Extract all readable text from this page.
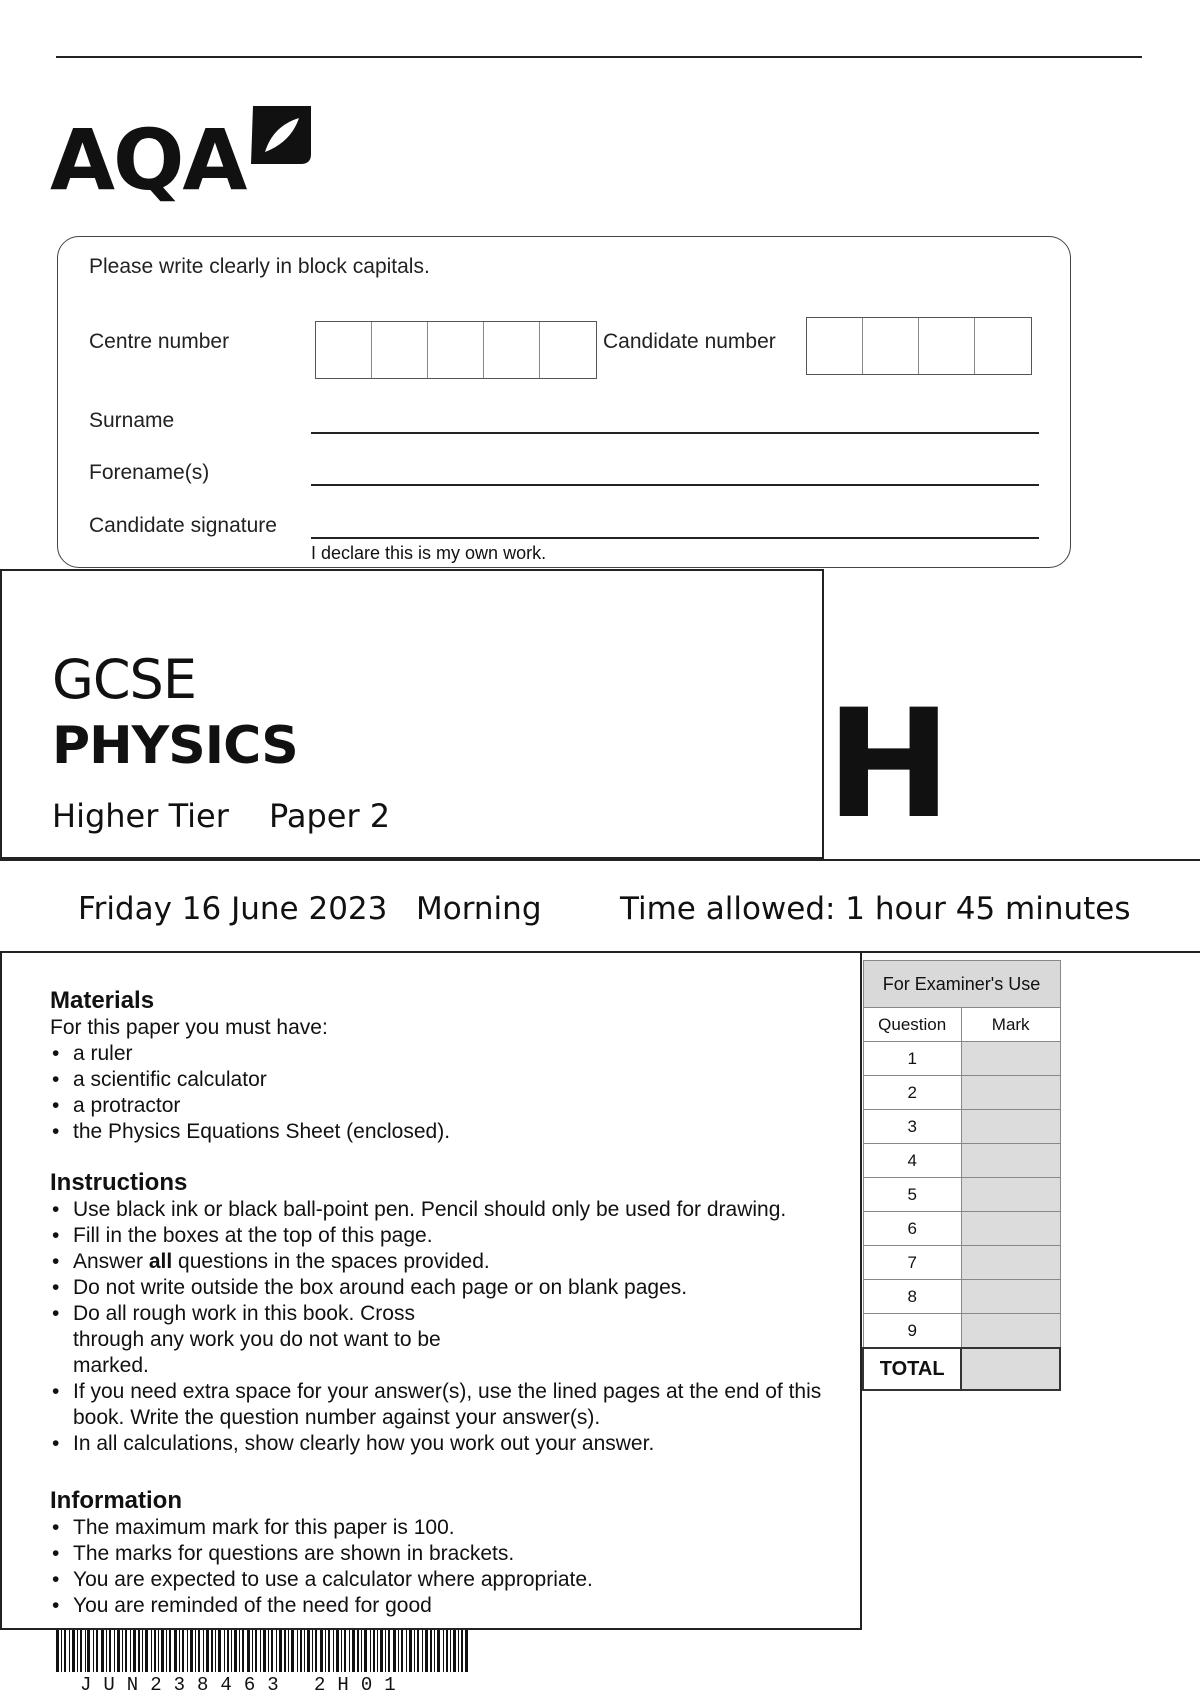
AQA
Please write clearly in block capitals.
Centre number	Candidate number
Surname
Forename(s)
Candidate signature
I declare this is my own work.
GCSE
PHYSICS
Higher Tier Paper 2	H
Friday 16 June 2023 Morning	Time allowed: 1 hour 45 minutes
Materials
For this paper you must have:
• a ruler
• a scientific calculator
• a protractor
• the Physics Equations Sheet (enclosed).
Instructions
• Use black ink or black ball-point pen. Pencil should only be used for drawing.
• Fill in the boxes at the top of this page.
• Answer all questions in the spaces provided.
• Do not write outside the box around each page or on blank pages.
• Do all rough work in this book. Cross through any work you do not want to be marked.
• If you need extra space for your answer(s), use the lined pages at the end of this book. Write the question number against your answer(s).
• In all calculations, show clearly how you work out your answer.
Information
• The maximum mark for this paper is 100.
• The marks for questions are shown in brackets.
• You are expected to use a calculator where appropriate.
• You are reminded of the need for good
For Examiner's Use	
Question	Mark
1	
2	
3	
4	
5	
6	
7	
8	
9	
TOTAL	
JUN238463 2H01
